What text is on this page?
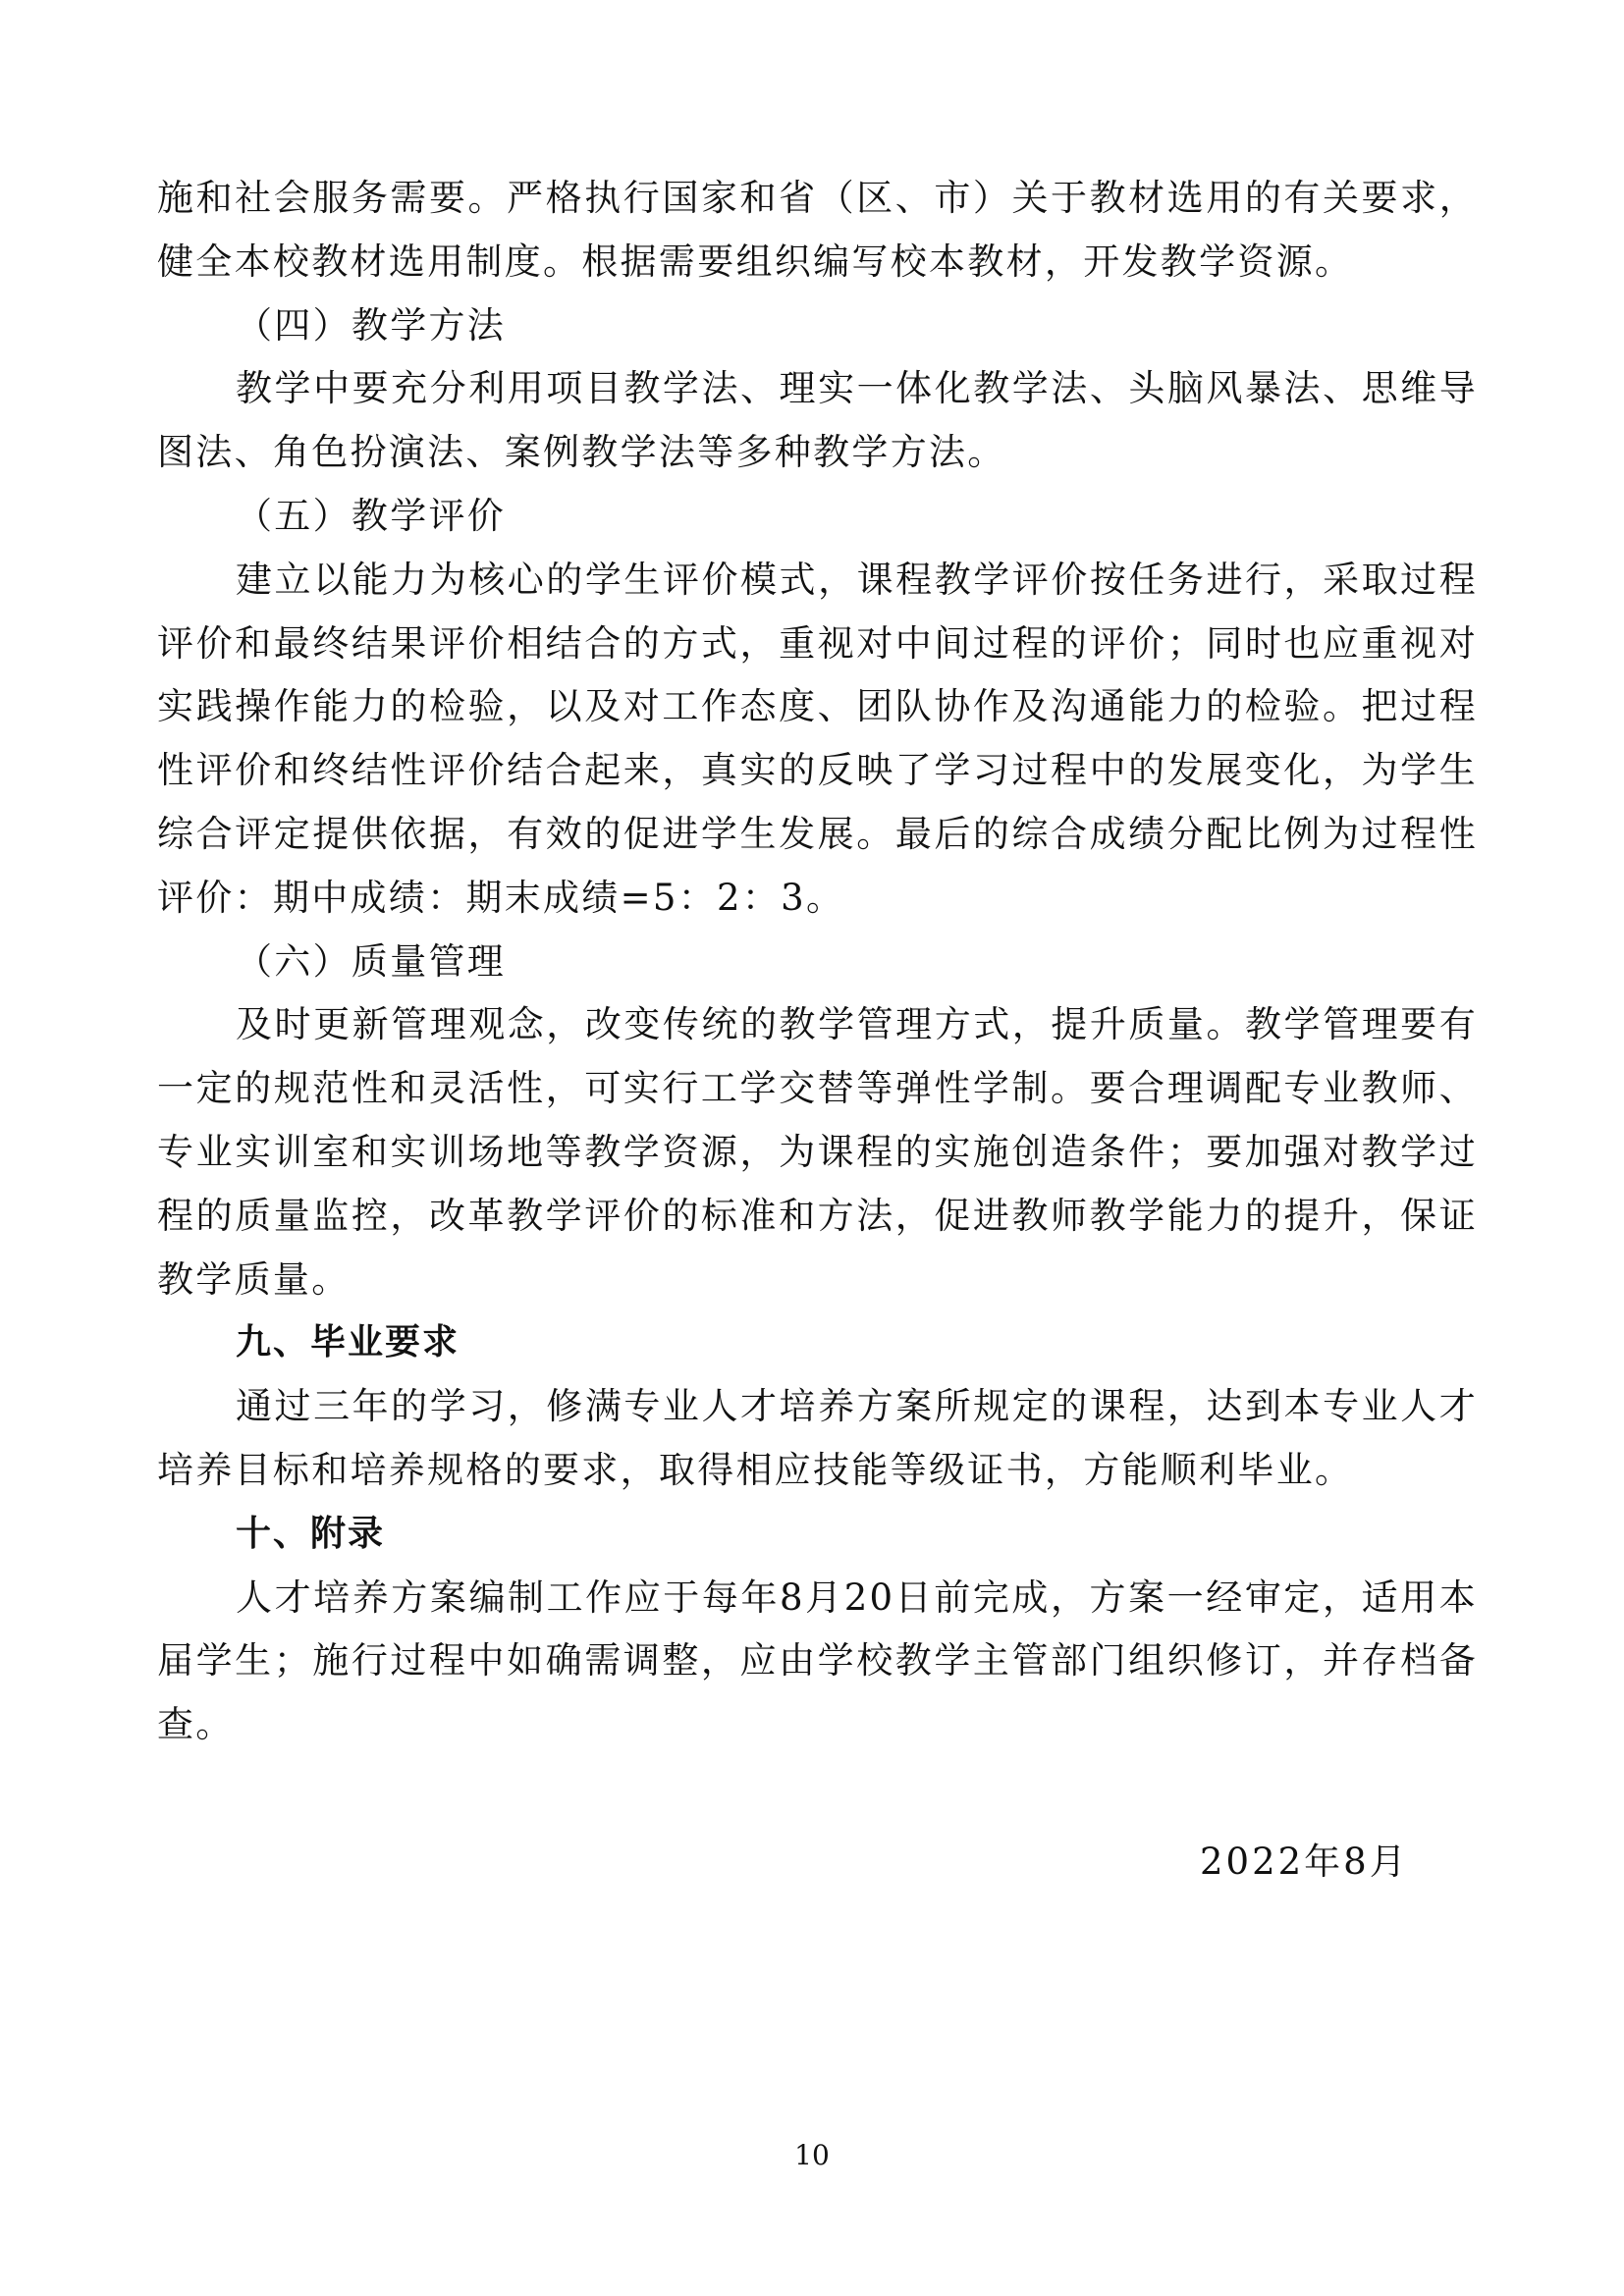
施和社会服务需要。严格执行国家和省（区、市）关于教材选用的有关要求，健全本校教材选用制度。根据需要组织编写校本教材，开发教学资源。

（四）教学方法

教学中要充分利用项目教学法、理实一体化教学法、头脑风暴法、思维导图法、角色扮演法、案例教学法等多种教学方法。

（五）教学评价

建立以能力为核心的学生评价模式，课程教学评价按任务进行，采取过程评价和最终结果评价相结合的方式，重视对中间过程的评价；同时也应重视对实践操作能力的检验，以及对工作态度、团队协作及沟通能力的检验。把过程性评价和终结性评价结合起来，真实的反映了学习过程中的发展变化，为学生综合评定提供依据，有效的促进学生发展。最后的综合成绩分配比例为过程性评价：期中成绩：期末成绩=5：2：3。

（六）质量管理

及时更新管理观念，改变传统的教学管理方式，提升质量。教学管理要有一定的规范性和灵活性，可实行工学交替等弹性学制。要合理调配专业教师、专业实训室和实训场地等教学资源，为课程的实施创造条件；要加强对教学过程的质量监控，改革教学评价的标准和方法，促进教师教学能力的提升，保证教学质量。

九、毕业要求

通过三年的学习，修满专业人才培养方案所规定的课程，达到本专业人才培养目标和培养规格的要求，取得相应技能等级证书，方能顺利毕业。

十、附录

人才培养方案编制工作应于每年8月20日前完成，方案一经审定，适用本届学生；施行过程中如确需调整，应由学校教学主管部门组织修订，并存档备查。

2022年8月
10
